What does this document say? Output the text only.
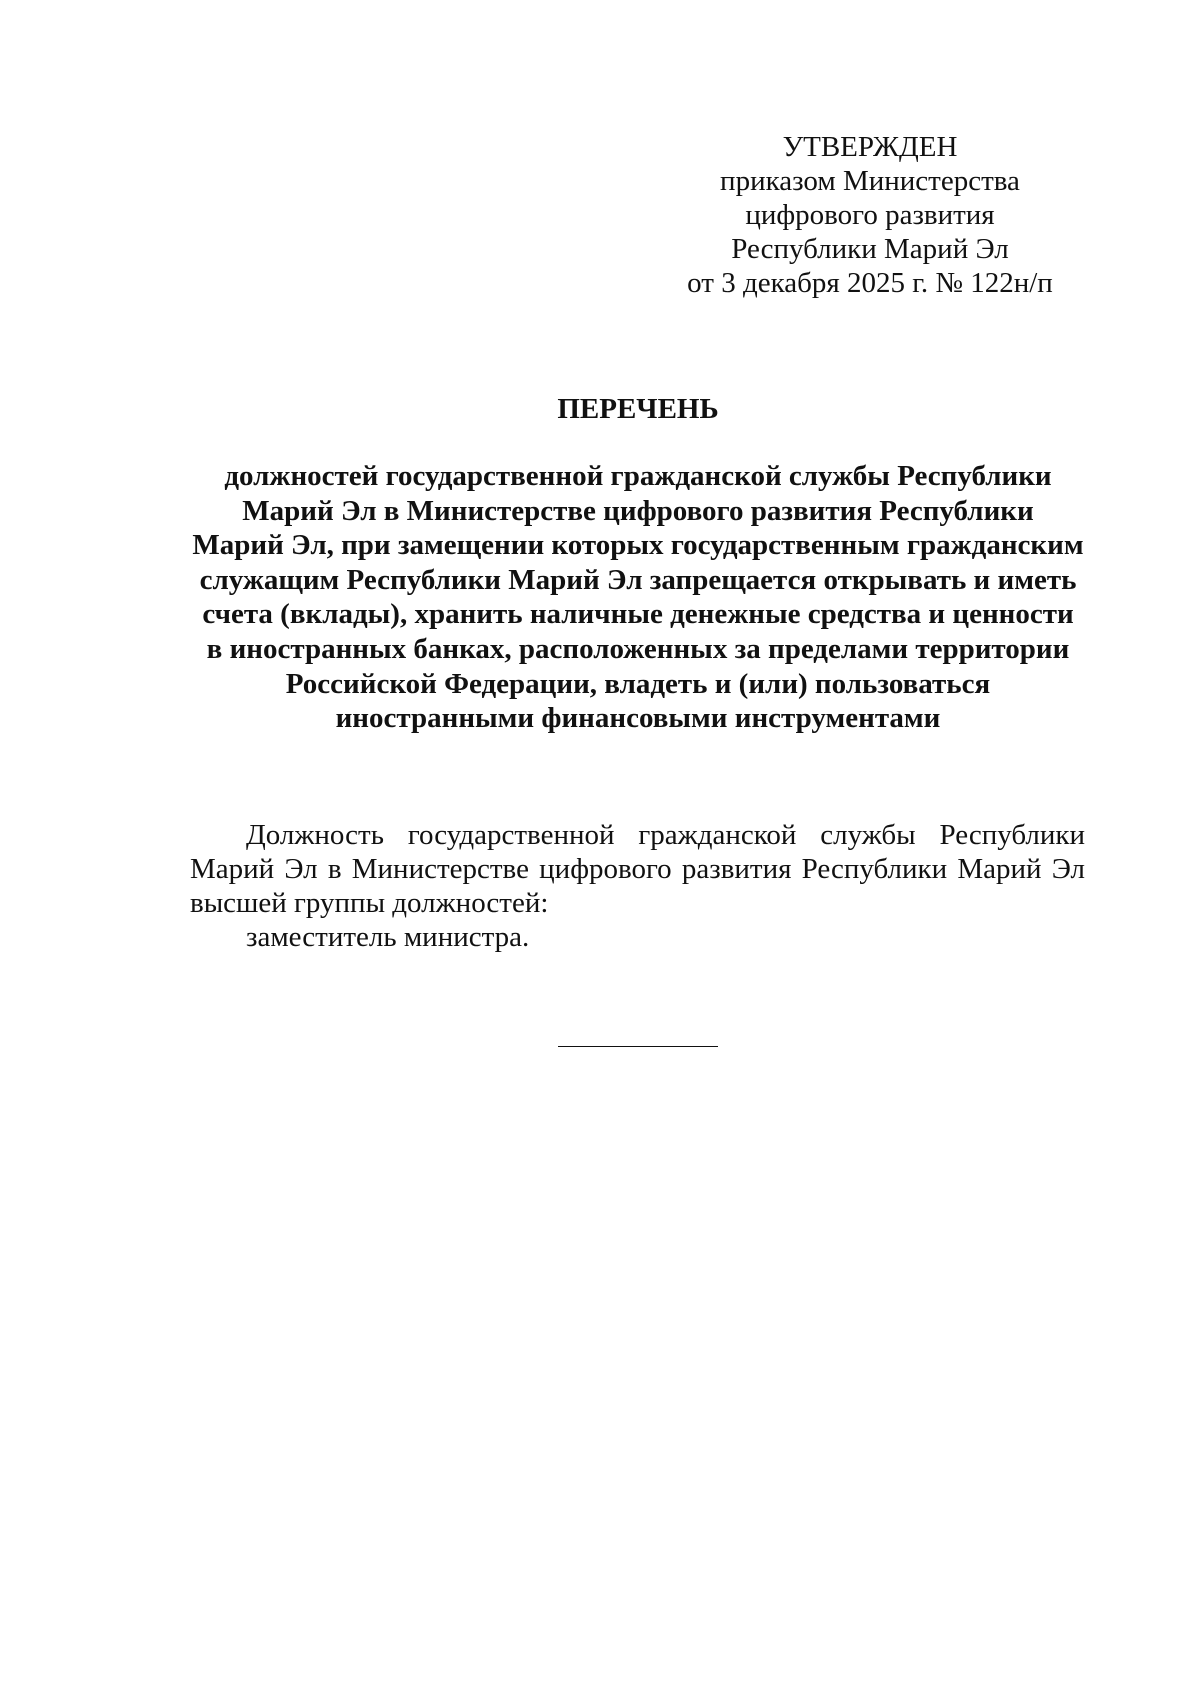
УТВЕРЖДЕН
приказом Министерства
цифрового развития
Республики Марий Эл
от 3 декабря 2025 г. № 122н/п
ПЕРЕЧЕНЬ
должностей государственной гражданской службы Республики
Марий Эл в Министерстве цифрового развития Республики
Марий Эл, при замещении которых государственным гражданским
служащим Республики Марий Эл запрещается открывать и иметь
счета (вклады), хранить наличные денежные средства и ценности
в иностранных банках, расположенных за пределами территории
Российской Федерации, владеть и (или) пользоваться
иностранными финансовыми инструментами

Должность государственной гражданской службы Республики Марий Эл в Министерстве цифрового развития Республики Марий Эл высшей группы должностей:

заместитель министра.
